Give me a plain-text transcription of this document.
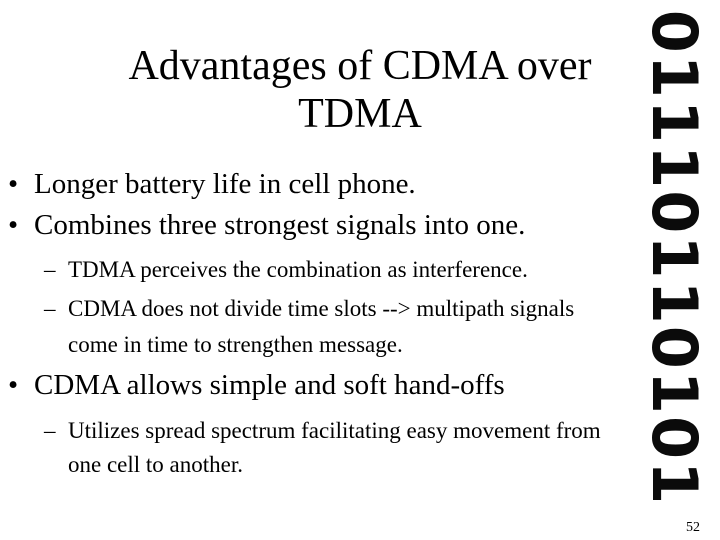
Advantages of CDMA over
TDMA	01110110101
• Longer battery life in cell phone.
• Combines three strongest signals into one.
– TDMA perceives the combination as interference.
– CDMA does not divide time slots --> multipath signals
come in time to strengthen message.
• CDMA allows simple and soft hand-offs
– Utilizes spread spectrum facilitating easy movement from
one cell to another.
52
